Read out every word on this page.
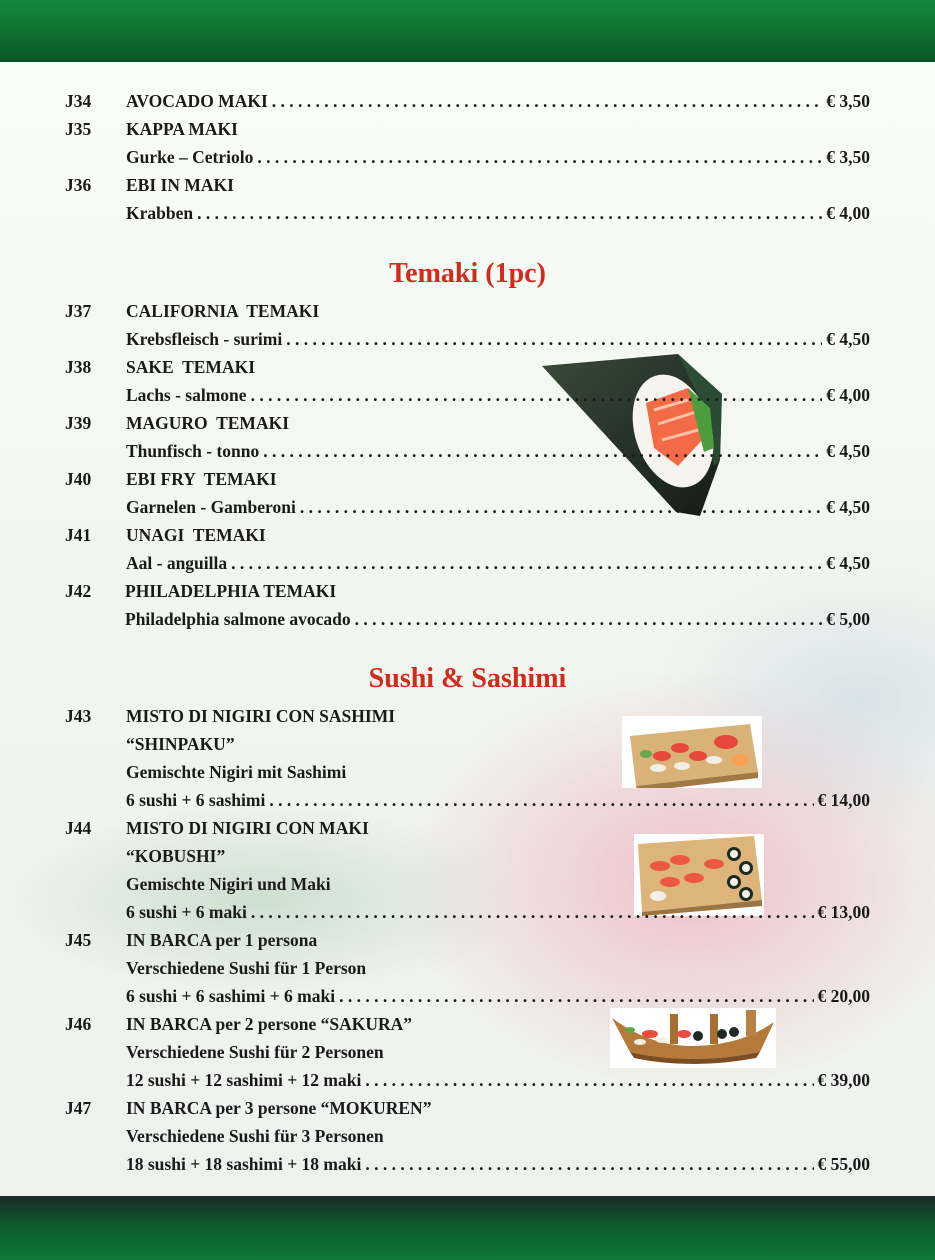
J34 AVOCADO MAKI . . .	€ 3,50
J35 KAPPA MAKI
Gurke – Cetriolo . . .	€ 3,50
J36 EBI IN MAKI
Krabben . . .	€ 4,00
Temaki (1pc)
J37 CALIFORNIA  TEMAKI
Krebsfleisch - surimi . . .	€ 4,50
J38 SAKE  TEMAKI
Lachs - salmone . . .	€ 4,00
J39 MAGURO  TEMAKI
Thunfisch - tonno . . .	€ 4,50
J40 EBI FRY  TEMAKI
Garnelen - Gamberoni . . .	€ 4,50
J41 UNAGI  TEMAKI
Aal - anguilla . . .	€ 4,50
J42 PHILADELPHIA TEMAKI
Philadelphia salmone avocado . . .	€ 5,00
Sushi & Sashimi
J43 MISTO DI NIGIRI CON SASHIMI
“SHINPAKU”
Gemischte Nigiri mit Sashimi
6 sushi + 6 sashimi . . .	€ 14,00
J44 MISTO DI NIGIRI CON MAKI
“KOBUSHI”
Gemischte Nigiri und Maki
6 sushi + 6 maki . . .	€ 13,00
J45 IN BARCA per 1 persona
Verschiedene Sushi für 1 Person
6 sushi + 6 sashimi + 6 maki . . .	€ 20,00
J46 IN BARCA per 2 persone “SAKURA”
Verschiedene Sushi für 2 Personen
12 sushi + 12 sashimi + 12 maki . . .	€ 39,00
J47 IN BARCA per 3 persone “MOKUREN”
Verschiedene Sushi für 3 Personen
18 sushi + 18 sashimi + 18 maki . . .	€ 55,00
